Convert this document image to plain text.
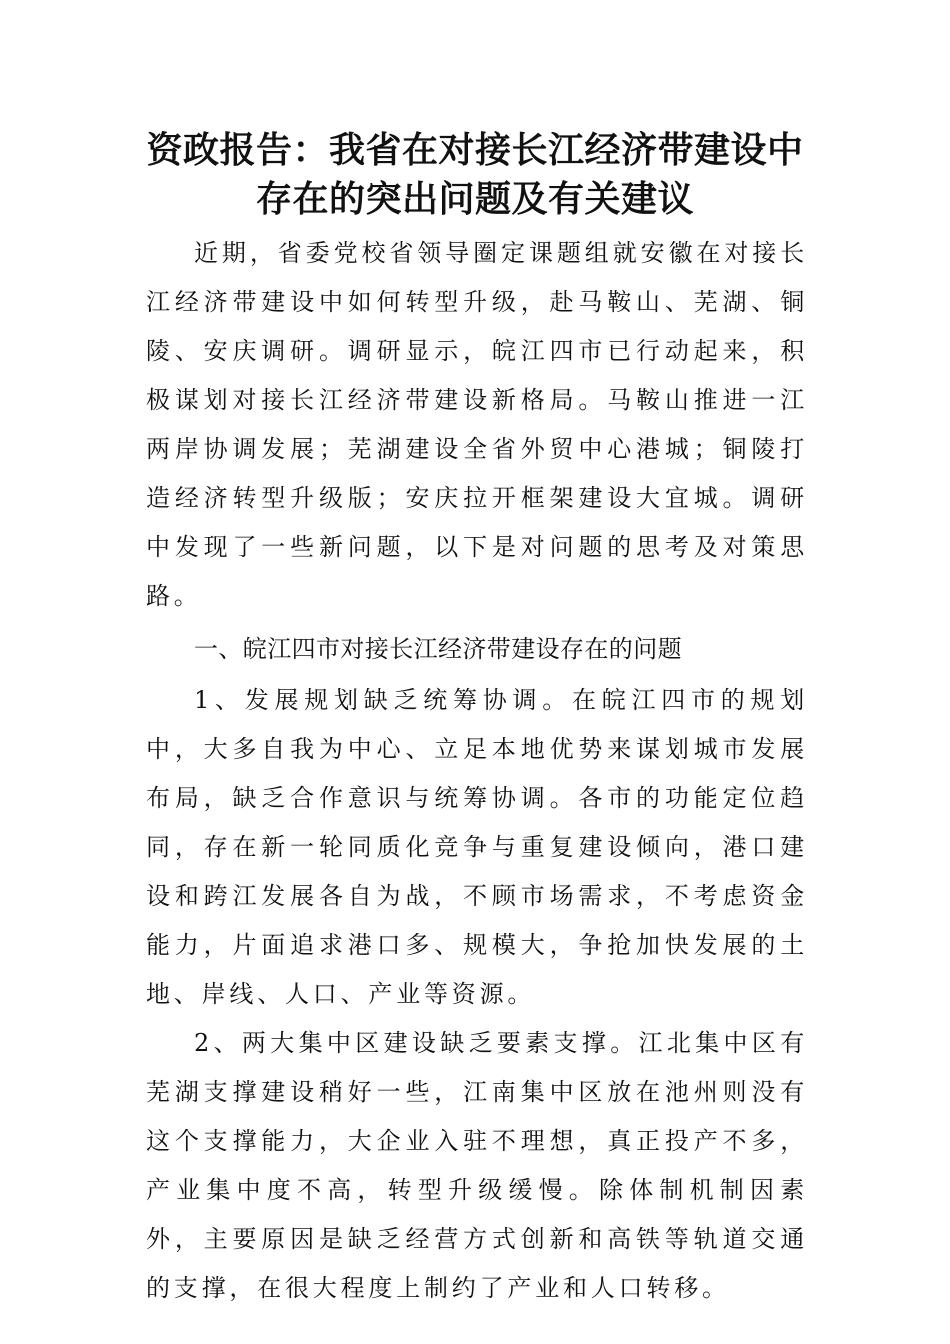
资政报告：我省在对接长江经济带建设中
存在的突出问题及有关建议

近期，省委党校省领导圈定课题组就安徽在对接长江经济带建设中如何转型升级，赴马鞍山、芜湖、铜陵、安庆调研。调研显示，皖江四市已行动起来，积极谋划对接长江经济带建设新格局。马鞍山推进一江两岸协调发展；芜湖建设全省外贸中心港城；铜陵打造经济转型升级版；安庆拉开框架建设大宜城。调研中发现了一些新问题，以下是对问题的思考及对策思路。

一、皖江四市对接长江经济带建设存在的问题

1、发展规划缺乏统筹协调。在皖江四市的规划中，大多自我为中心、立足本地优势来谋划城市发展布局，缺乏合作意识与统筹协调。各市的功能定位趋同，存在新一轮同质化竞争与重复建设倾向，港口建设和跨江发展各自为战，不顾市场需求，不考虑资金能力，片面追求港口多、规模大，争抢加快发展的土地、岸线、人口、产业等资源。

2、两大集中区建设缺乏要素支撑。江北集中区有芜湖支撑建设稍好一些，江南集中区放在池州则没有这个支撑能力，大企业入驻不理想，真正投产不多，产业集中度不高，转型升级缓慢。除体制机制因素外，主要原因是缺乏经营方式创新和高铁等轨道交通的支撑，在很大程度上制约了产业和人口转移。
